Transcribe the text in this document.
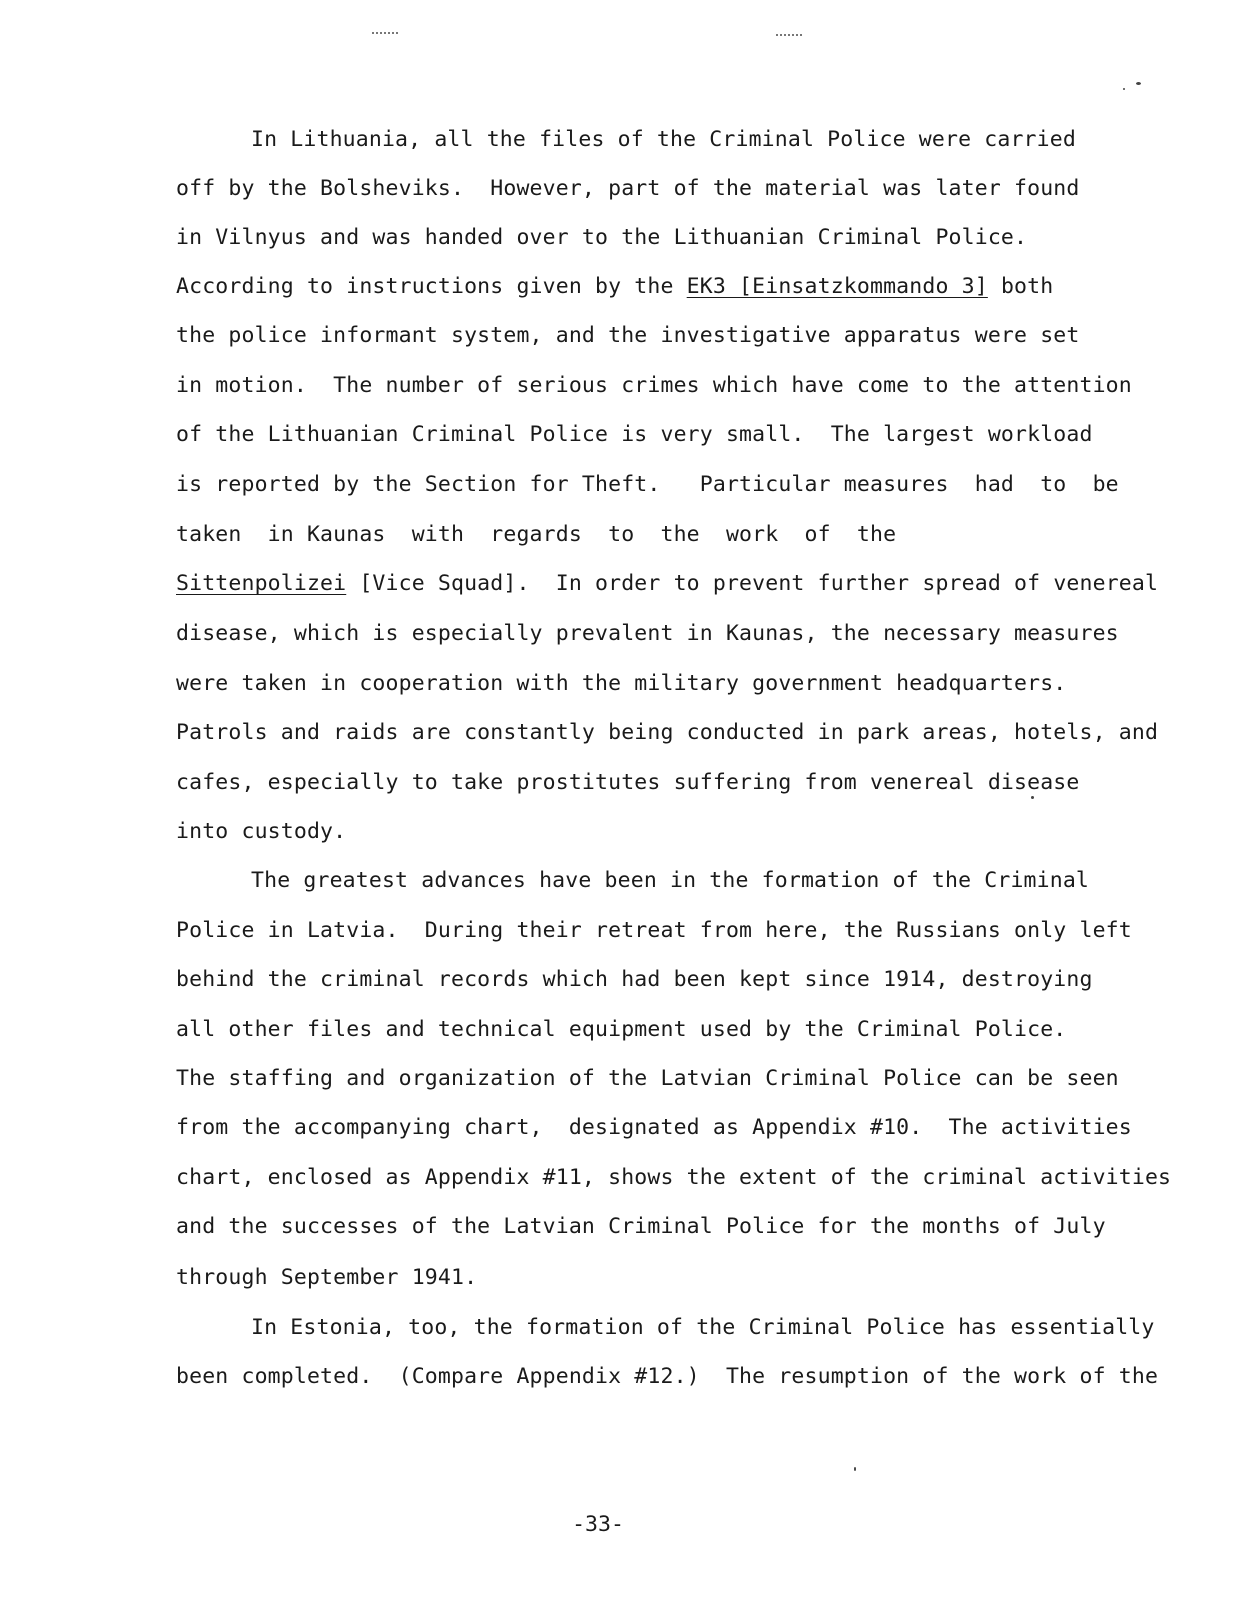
In Lithuania, all the files of the Criminal Police were carried
off by the Bolsheviks.  However, part of the material was later found
in Vilnyus and was handed over to the Lithuanian Criminal Police.
According to instructions given by the EK3 [Einsatzkommando 3] both
the police informant system, and the investigative apparatus were set
in motion.  The number of serious crimes which have come to the attention
of the Lithuanian Criminal Police is very small.  The largest workload
is reported by the Section for Theft.   Particular measures  had  to  be
taken  in Kaunas  with  regards  to  the  work  of  the
Sittenpolizei [Vice Squad].  In order to prevent further spread of venereal
disease, which is especially prevalent in Kaunas, the necessary measures
were taken in cooperation with the military government headquarters.
Patrols and raids are constantly being conducted in park areas, hotels, and
cafes, especially to take prostitutes suffering from venereal disease
into custody.
The greatest advances have been in the formation of the Criminal
Police in Latvia.  During their retreat from here, the Russians only left
behind the criminal records which had been kept since 1914, destroying
all other files and technical equipment used by the Criminal Police.
The staffing and organization of the Latvian Criminal Police can be seen
from the accompanying chart,  designated as Appendix #10.  The activities
chart, enclosed as Appendix #11, shows the extent of the criminal activities
and the successes of the Latvian Criminal Police for the months of July
through September 1941.
In Estonia, too, the formation of the Criminal Police has essentially
been completed.  (Compare Appendix #12.)  The resumption of the work of the
-33-
